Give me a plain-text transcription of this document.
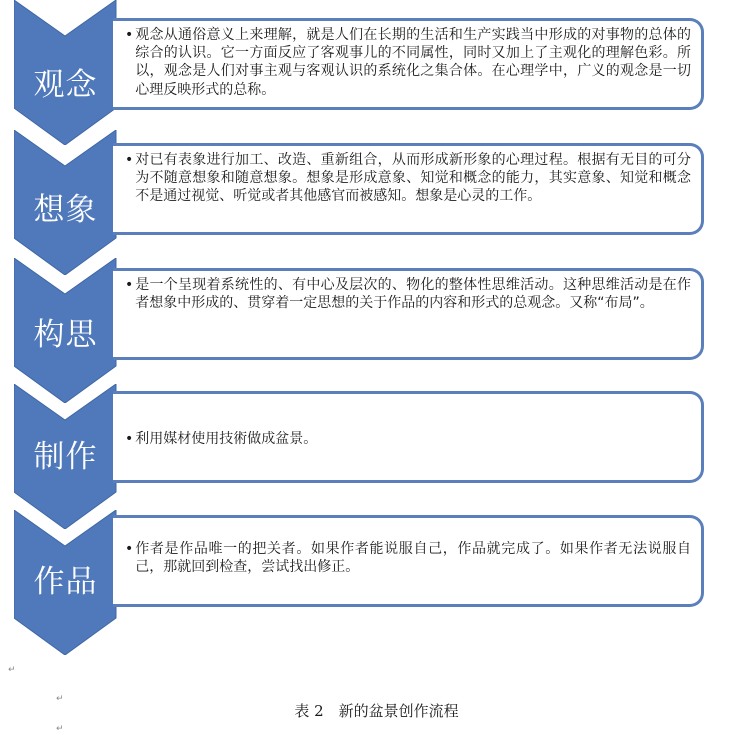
观念
• 观念从通俗意义上来理解，就是人们在长期的生活和生产实践当中形成的对事物的总体的综合的认识。它一方面反应了客观事儿的不同属性，同时又加上了主观化的理解色彩。所以，观念是人们对事主观与客观认识的系统化之集合体。在心理学中，广义的观念是一切心理反映形式的总称。
想象
• 对已有表象进行加工、改造、重新组合，从而形成新形象的心理过程。根据有无目的可分为不随意想象和随意想象。想象是形成意象、知觉和概念的能力，其实意象、知觉和概念不是通过视觉、听觉或者其他感官而被感知。想象是心灵的工作。
构思
• 是一个呈现着系统性的、有中心及层次的、物化的整体性思维活动。这种思维活动是在作者想象中形成的、贯穿着一定思想的关于作品的内容和形式的总观念。又称“布局”。
制作	• 利用媒材使用技術做成盆景。
作品
• 作者是作品唯一的把关者。如果作者能说服自己，作品就完成了。如果作者无法说服自己，那就回到检查，尝试找出修正。
↵
↵
↵
表 2　新的盆景创作流程
